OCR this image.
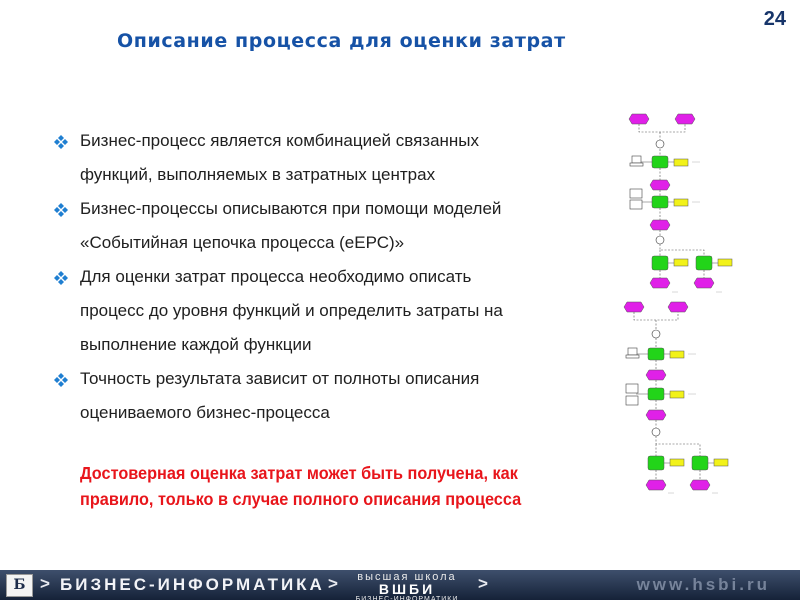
24
Описание процесса для оценки затрат
Бизнес-процесс является комбинацией связанных
функций, выполняемых в затратных центрах
Бизнес-процессы описываются при помощи моделей
«Событийная цепочка процесса (еЕРС)»
Для оценки затрат процесса необходимо описать
процесс до уровня функций и определить затраты на
выполнение каждой функции
Точность результата зависит от полноты описания
оцениваемого бизнес-процесса
Достоверная оценка затрат может быть получена, как
правило, только в случае полного описания процесса
Б > БИЗНЕС-ИНФОРМАТИКА >	высшая школа
ВШБИ
БИЗНЕС-ИНФОРМАТИКИ
>	www.hsbi.ru
